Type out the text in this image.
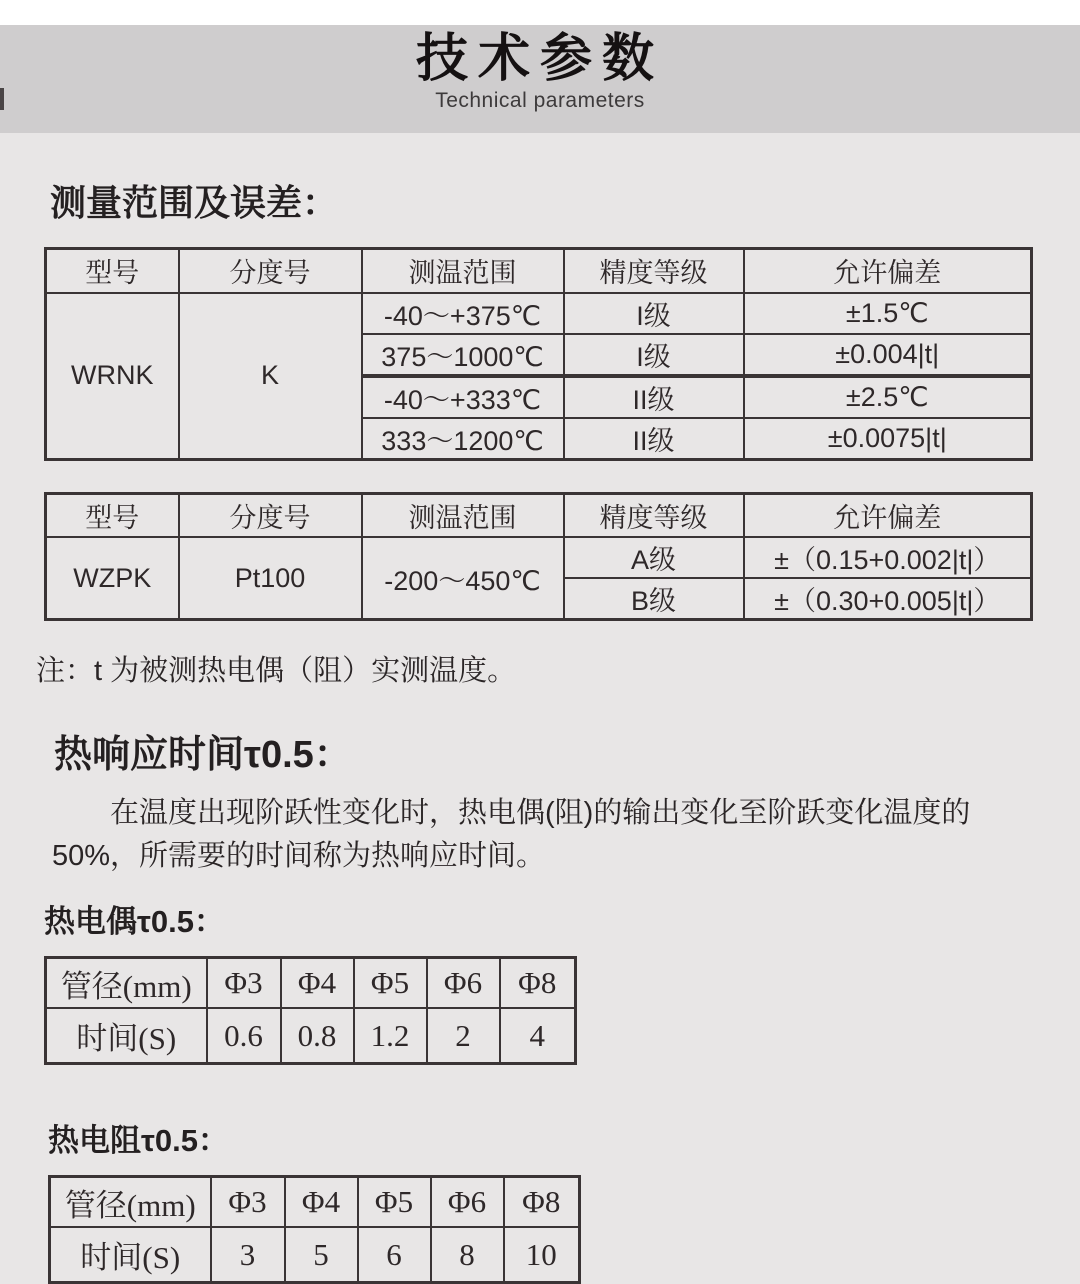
技术参数
Technical parameters
测量范围及误差：
型号	分度号	测温范围	精度等级	允许偏差
WRNK	K	-40～+375℃	I级	±1.5℃
		375～1000℃	I级	±0.004|t|
		-40～+333℃	II级	±2.5℃
		333～1200℃	II级	±0.0075|t|
型号	分度号	测温范围	精度等级	允许偏差
WZPK	Pt100	-200～450℃	A级	±（0.15+0.002|t|）
			B级	±（0.30+0.005|t|）
注：t 为被测热电偶（阻）实测温度。
热响应时间τ0.5：
在温度出现阶跃性变化时，热电偶(阻)的输出变化至阶跃变化温度的50%，所需要的时间称为热响应时间。
热电偶τ0.5：
管径(mm)	Φ3	Φ4	Φ5	Φ6	Φ8
时间(S)	0.6	0.8	1.2	2	4
热电阻τ0.5：
管径(mm)	Φ3	Φ4	Φ5	Φ6	Φ8
时间(S)	3	5	6	8	10
